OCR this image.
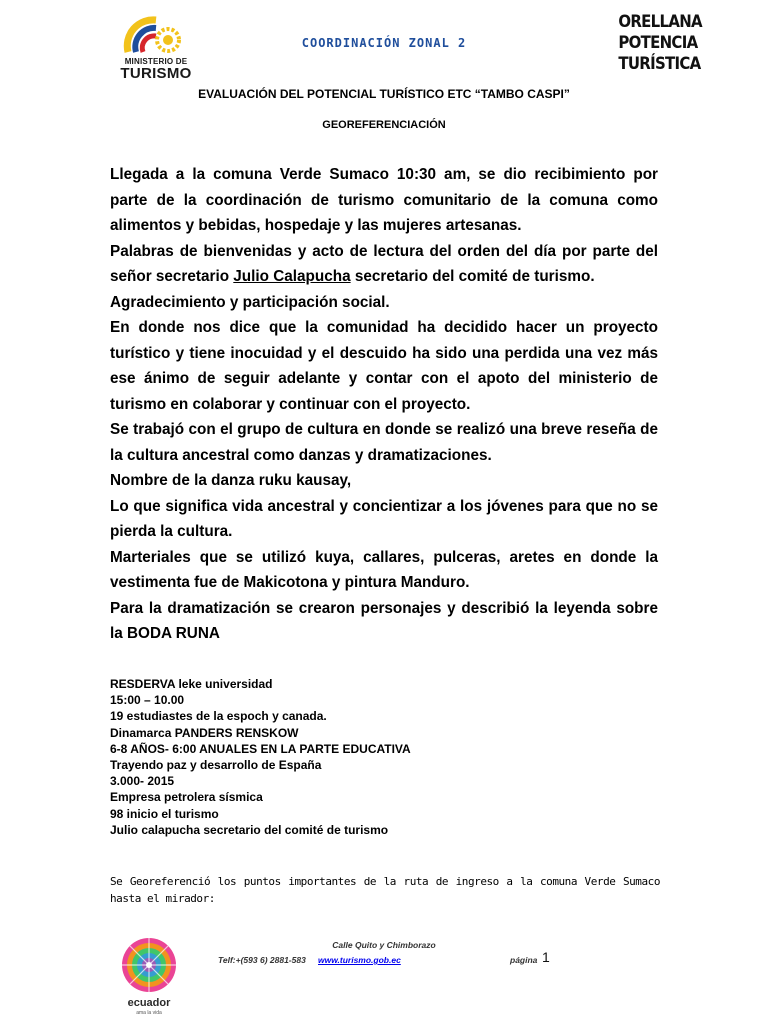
MINISTERIO DE
TURISMO
COORDINACIÓN ZONAL 2
ORELLANA
POTENCIA
TURÍSTICA
EVALUACIÓN DEL POTENCIAL TURÍSTICO ETC “TAMBO CASPI”
GEOREFERENCIACIÓN

Llegada a la comuna Verde Sumaco 10:30 am, se dio recibimiento por parte de la coordinación de turismo comunitario de la comuna como alimentos y bebidas, hospedaje y las mujeres artesanas.

Palabras de bienvenidas y acto de lectura del orden del día por parte del señor secretario Julio Calapucha secretario del comité de turismo.

Agradecimiento y participación social.

En donde nos dice que la comunidad ha decidido hacer un proyecto turístico y tiene inocuidad y el descuido ha sido una perdida una vez más ese ánimo de seguir adelante y contar con el apoto del ministerio de turismo en colaborar y continuar con el proyecto.

Se trabajó con el grupo de cultura en donde se realizó una breve reseña de la cultura ancestral como danzas y dramatizaciones.

Nombre de la danza ruku kausay,

Lo que significa vida ancestral y concientizar a los jóvenes para que no se pierda la cultura.

Marteriales que se utilizó kuya, callares, pulceras, aretes en donde la vestimenta fue de Makicotona y pintura Manduro.

Para la dramatización se crearon personajes y describió la leyenda sobre la BODA RUNA

RESDERVA leke universidad
15:00 – 10.00
19 estudiastes de la espoch y canada.
Dinamarca PANDERS RENSKOW
6-8 AÑOS- 6:00 ANUALES EN LA PARTE EDUCATIVA
Trayendo paz y desarrollo de España
3.000- 2015
Empresa petrolera sísmica
98 inicio el turismo
Julio calapucha secretario del comité de turismo
Se Georeferenció los puntos importantes de la ruta de ingreso a la comuna Verde Sumaco hasta el mirador:
ecuador
ama la vida
Calle Quito y Chimborazo
Telf:+(593 6) 2881-583 www.turismo.gob.ec	página 1
